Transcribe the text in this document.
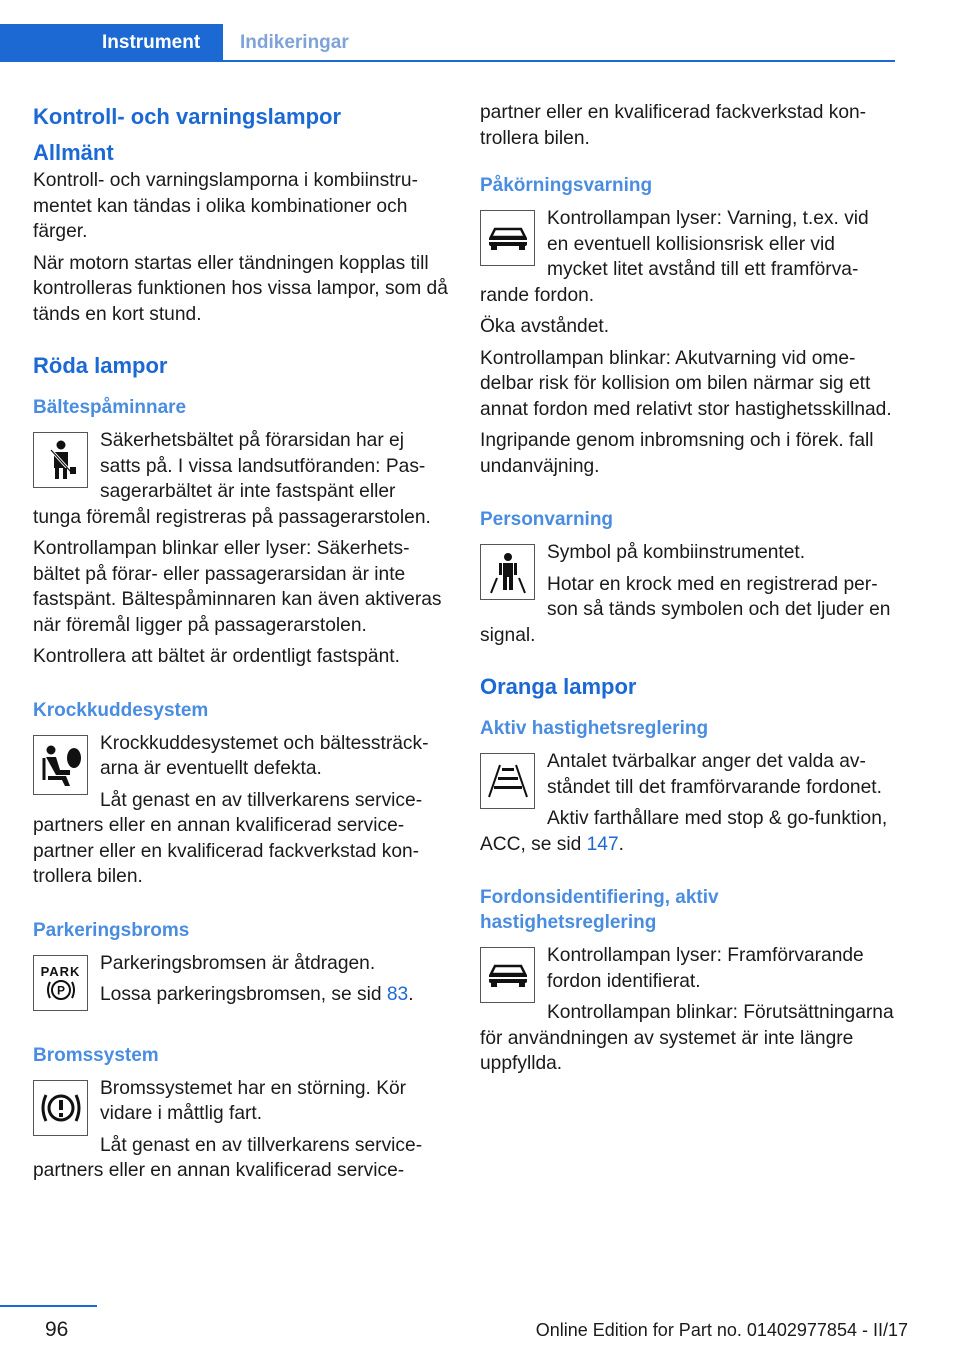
Instrument	Indikeringar
Kontroll- och varningslampor
Allmänt

Kontroll- och varningslamporna i kombiinstrumentet kan tändas i olika kombinationer och färger.

När motorn startas eller tändningen kopplas till kontrolleras funktionen hos vissa lampor, som då tänds en kort stund.

Röda lampor
Bältespåminnare

Säkerhetsbältet på förarsidan har ej satts på. I vissa landsutföranden: Passagerarbältet är inte fastspänt eller tunga föremål registreras på passagerarstolen.

Kontrollampan blinkar eller lyser: Säkerhetsbältet på förar- eller passagerarsidan är inte fastspänt. Bältespåminnaren kan även aktiveras när föremål ligger på passagerarstolen.

Kontrollera att bältet är ordentligt fastspänt.

Krockkuddesystem

Krockkuddesystemet och bältessträckarna är eventuellt defekta.

Låt genast en av tillverkarens servicepartners eller en annan kvalificerad servicepartner eller en kvalificerad fackverkstad kontrollera bilen.

Parkeringsbroms
PARK
P

Parkeringsbromsen är åtdragen.

Lossa parkeringsbromsen, se sid 83.

Bromssystem

Bromssystemet har en störning. Kör vidare i måttlig fart.

Låt genast en av tillverkarens servicepartners eller en annan kvalificerad service-

partner eller en kvalificerad fackverkstad kontrollera bilen.

Påkörningsvarning

Kontrollampan lyser: Varning, t.ex. vid en eventuell kollisionsrisk eller vid mycket litet avstånd till ett framförvarande fordon.

Öka avståndet.

Kontrollampan blinkar: Akutvarning vid omedelbar risk för kollision om bilen närmar sig ett annat fordon med relativt stor hastighetsskillnad.

Ingripande genom inbromsning och i förek. fall undanväjning.

Personvarning

Symbol på kombiinstrumentet.

Hotar en krock med en registrerad person så tänds symbolen och det ljuder en signal.

Oranga lampor
Aktiv hastighetsreglering

Antalet tvärbalkar anger det valda avståndet till det framförvarande fordonet.

Aktiv farthållare med stop & go-funktion, ACC, se sid 147.

Fordonsidentifiering, aktiv hastighetsreglering

Kontrollampan lyser: Framförvarande fordon identifierat.

Kontrollampan blinkar: Förutsättningarna för användningen av systemet är inte längre uppfyllda.

96	Online Edition for Part no. 01402977854 - II/17
